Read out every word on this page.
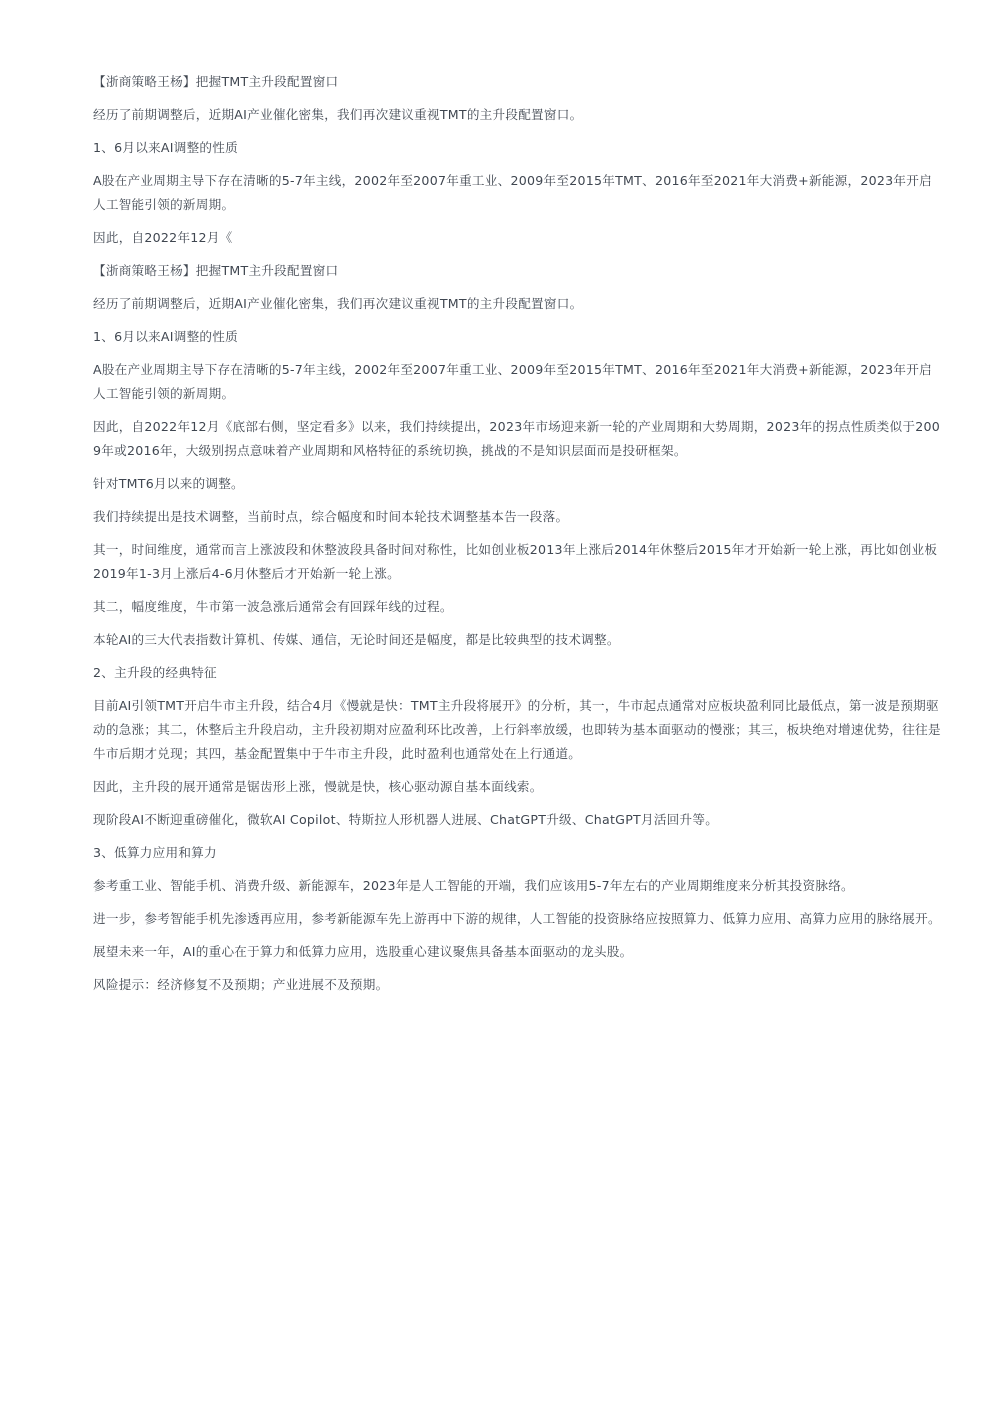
【浙商策略王杨】把握TMT主升段配置窗口

经历了前期调整后，近期AI产业催化密集，我们再次建议重视TMT的主升段配置窗口。

1、6月以来AI调整的性质

A股在产业周期主导下存在清晰的5-7年主线，2002年至2007年重工业、2009年至2015年TMT、2016年至2021年大消费+新能源，2023年开启人工智能引领的新周期。

因此，自2022年12月《

【浙商策略王杨】把握TMT主升段配置窗口

经历了前期调整后，近期AI产业催化密集，我们再次建议重视TMT的主升段配置窗口。

1、6月以来AI调整的性质

A股在产业周期主导下存在清晰的5-7年主线，2002年至2007年重工业、2009年至2015年TMT、2016年至2021年大消费+新能源，2023年开启人工智能引领的新周期。

因此，自2022年12月《底部右侧，坚定看多》以来，我们持续提出，2023年市场迎来新一轮的产业周期和大势周期，2023年的拐点性质类似于2009年或2016年，大级别拐点意味着产业周期和风格特征的系统切换，挑战的不是知识层面而是投研框架。

针对TMT6月以来的调整。

我们持续提出是技术调整，当前时点，综合幅度和时间本轮技术调整基本告一段落。

其一，时间维度，通常而言上涨波段和休整波段具备时间对称性，比如创业板2013年上涨后2014年休整后2015年才开始新一轮上涨，再比如创业板2019年1-3月上涨后4-6月休整后才开始新一轮上涨。

其二，幅度维度，牛市第一波急涨后通常会有回踩年线的过程。

本轮AI的三大代表指数计算机、传媒、通信，无论时间还是幅度，都是比较典型的技术调整。

2、主升段的经典特征

目前AI引领TMT开启牛市主升段，结合4月《慢就是快：TMT主升段将展开》的分析，其一，牛市起点通常对应板块盈利同比最低点，第一波是预期驱动的急涨；其二，休整后主升段启动，主升段初期对应盈利环比改善，上行斜率放缓，也即转为基本面驱动的慢涨；其三，板块绝对增速优势，往往是牛市后期才兑现；其四，基金配置集中于牛市主升段，此时盈利也通常处在上行通道。

因此，主升段的展开通常是锯齿形上涨，慢就是快，核心驱动源自基本面线索。

现阶段AI不断迎重磅催化，微软AI Copilot、特斯拉人形机器人进展、ChatGPT升级、ChatGPT月活回升等。

3、低算力应用和算力

参考重工业、智能手机、消费升级、新能源车，2023年是人工智能的开端，我们应该用5-7年左右的产业周期维度来分析其投资脉络。

进一步，参考智能手机先渗透再应用，参考新能源车先上游再中下游的规律，人工智能的投资脉络应按照算力、低算力应用、高算力应用的脉络展开。

展望未来一年，AI的重心在于算力和低算力应用，选股重心建议聚焦具备基本面驱动的龙头股。

风险提示：经济修复不及预期；产业进展不及预期。
